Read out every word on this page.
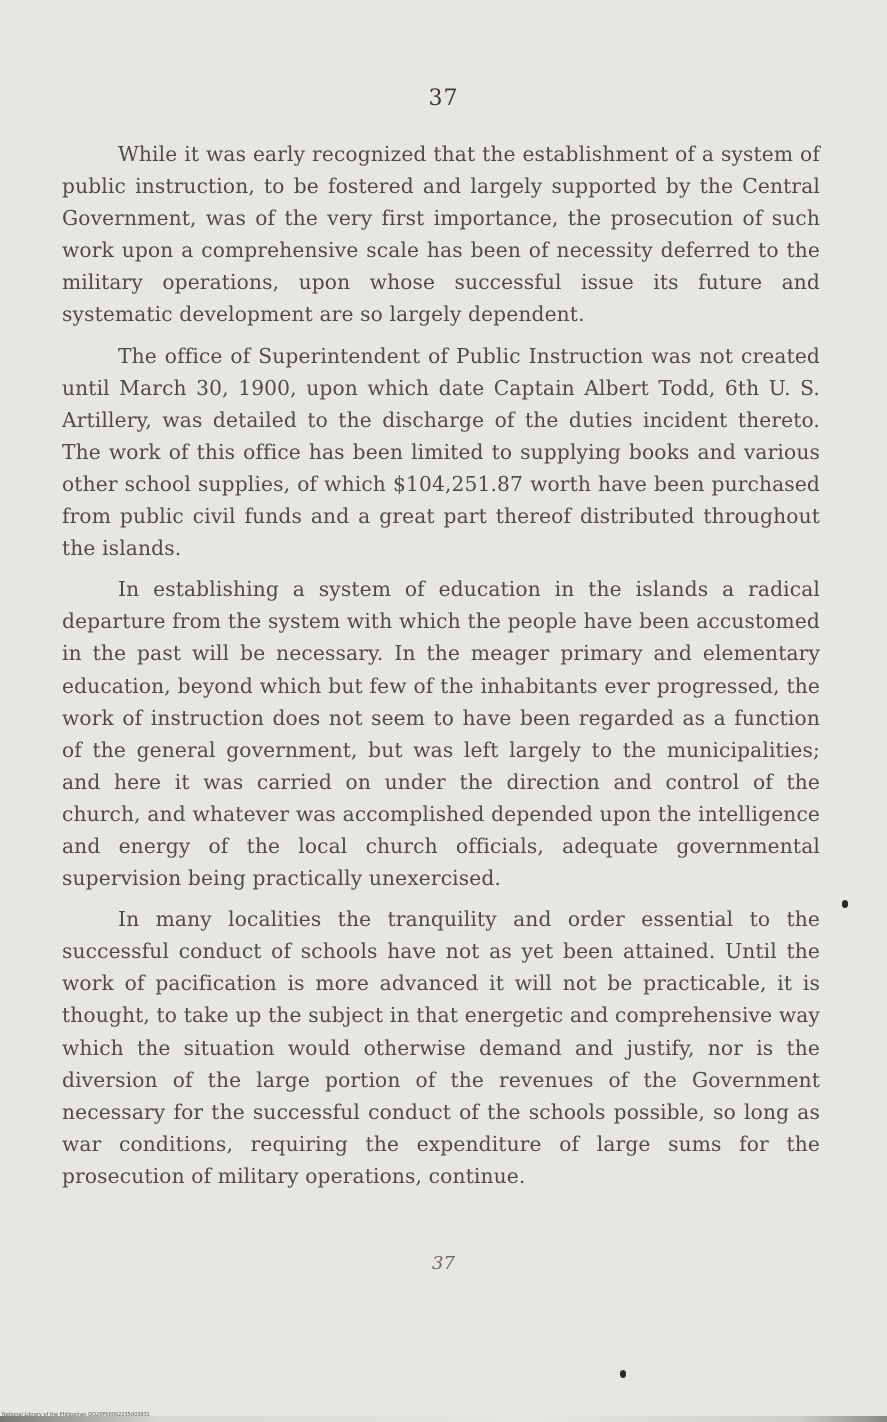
37

While it was early recognized that the establishment of a system of public instruction, to be fostered and largely supported by the Central Government, was of the very first importance, the prosecution of such work upon a comprehensive scale has been of necessity deferred to the military operations, upon whose successful issue its future and systematic development are so largely dependent.

The office of Superintendent of Public Instruction was not created until March 30, 1900, upon which date Captain Albert Todd, 6th U. S. Artillery, was detailed to the discharge of the duties incident thereto. The work of this office has been limited to supplying books and various other school supplies, of which $104,251.87 worth have been purchased from public civil funds and a great part thereof distributed throughout the islands.

In establishing a system of education in the islands a radical departure from the system with which the people have been accustomed in the past will be necessary. In the meager primary and elementary education, beyond which but few of the inhabitants ever progressed, the work of instruction does not seem to have been regarded as a function of the general government, but was left largely to the municipalities; and here it was carried on under the direction and control of the church, and whatever was accomplished depended upon the intelligence and energy of the local church officials, adequate governmental supervision being practically unexercised.

In many localities the tranquility and order essential to the successful conduct of schools have not as yet been attained. Until the work of pacification is more advanced it will not be practicable, it is thought, to take up the subject in that energetic and comprehensive way which the situation would otherwise demand and justify, nor is the diversion of the large portion of the revenues of the Government necessary for the successful conduct of the schools possible, so long as war conditions, requiring the expenditure of large sums for the prosecution of military operations, continue.

37
National Library of the Philippines DO20P00002235003931
